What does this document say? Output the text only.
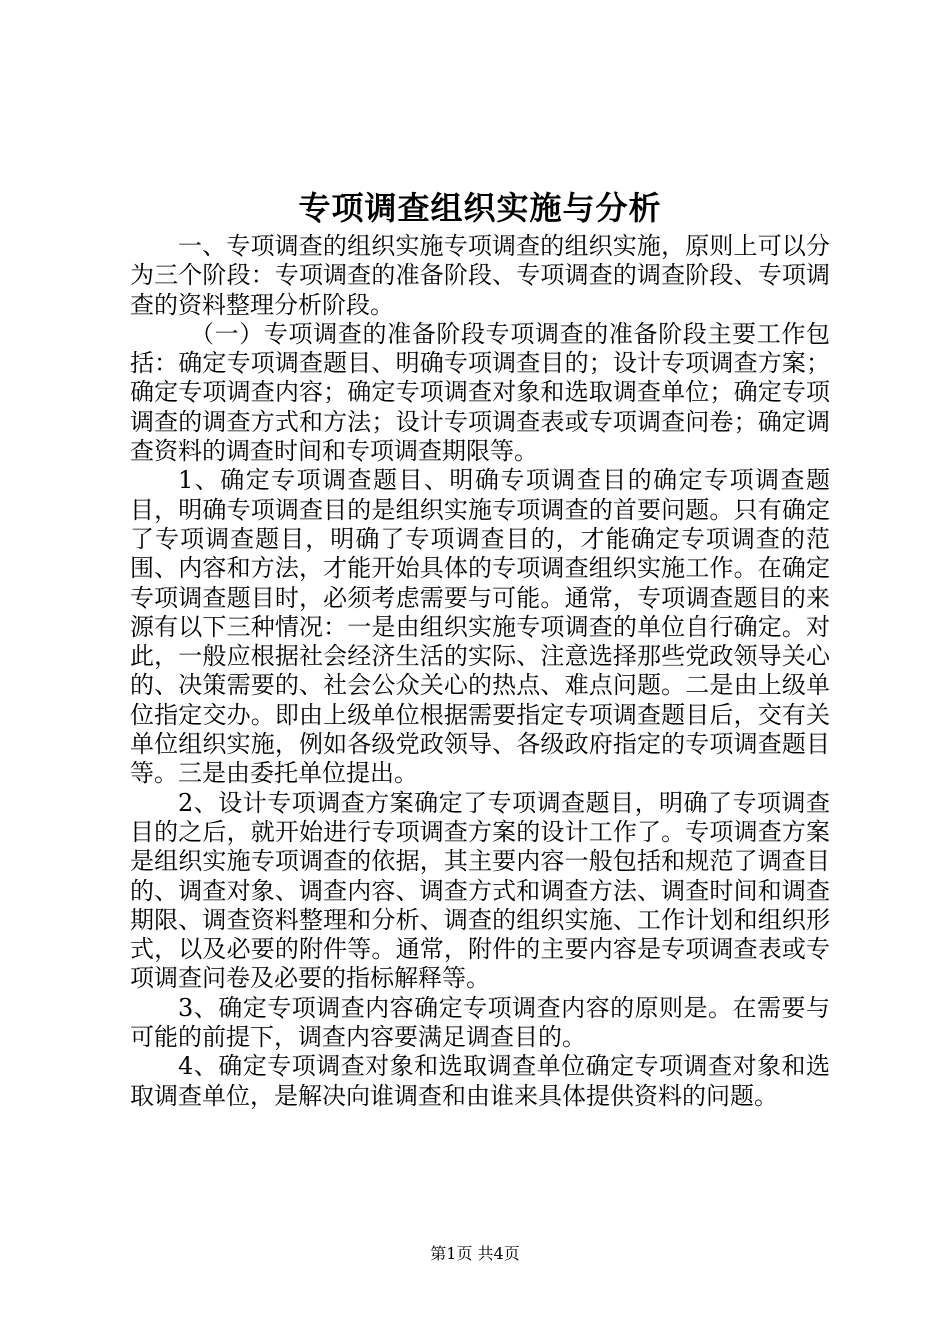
专项调查组织实施与分析

一、专项调查的组织实施专项调查的组织实施，原则上可以分为三个阶段：专项调查的准备阶段、专项调查的调查阶段、专项调查的资料整理分析阶段。

（一）专项调查的准备阶段专项调查的准备阶段主要工作包括：确定专项调查题目、明确专项调查目的；设计专项调查方案；确定专项调查内容；确定专项调查对象和选取调查单位；确定专项调查的调查方式和方法；设计专项调查表或专项调查问卷；确定调查资料的调查时间和专项调查期限等。

1、确定专项调查题目、明确专项调查目的确定专项调查题目，明确专项调查目的是组织实施专项调查的首要问题。只有确定了专项调查题目，明确了专项调查目的，才能确定专项调查的范围、内容和方法，才能开始具体的专项调查组织实施工作。在确定专项调查题目时，必须考虑需要与可能。通常，专项调查题目的来源有以下三种情况：一是由组织实施专项调查的单位自行确定。对此，一般应根据社会经济生活的实际、注意选择那些党政领导关心的、决策需要的、社会公众关心的热点、难点问题。二是由上级单位指定交办。即由上级单位根据需要指定专项调查题目后，交有关单位组织实施，例如各级党政领导、各级政府指定的专项调查题目等。三是由委托单位提出。

2、设计专项调查方案确定了专项调查题目，明确了专项调查目的之后，就开始进行专项调查方案的设计工作了。专项调查方案是组织实施专项调查的依据，其主要内容一般包括和规范了调查目的、调查对象、调查内容、调查方式和调查方法、调查时间和调查期限、调查资料整理和分析、调查的组织实施、工作计划和组织形式，以及必要的附件等。通常，附件的主要内容是专项调查表或专项调查问卷及必要的指标解释等。

3、确定专项调查内容确定专项调查内容的原则是。在需要与可能的前提下，调查内容要满足调查目的。

4、确定专项调查对象和选取调查单位确定专项调查对象和选取调查单位，是解决向谁调查和由谁来具体提供资料的问题。

第1页 共4页
